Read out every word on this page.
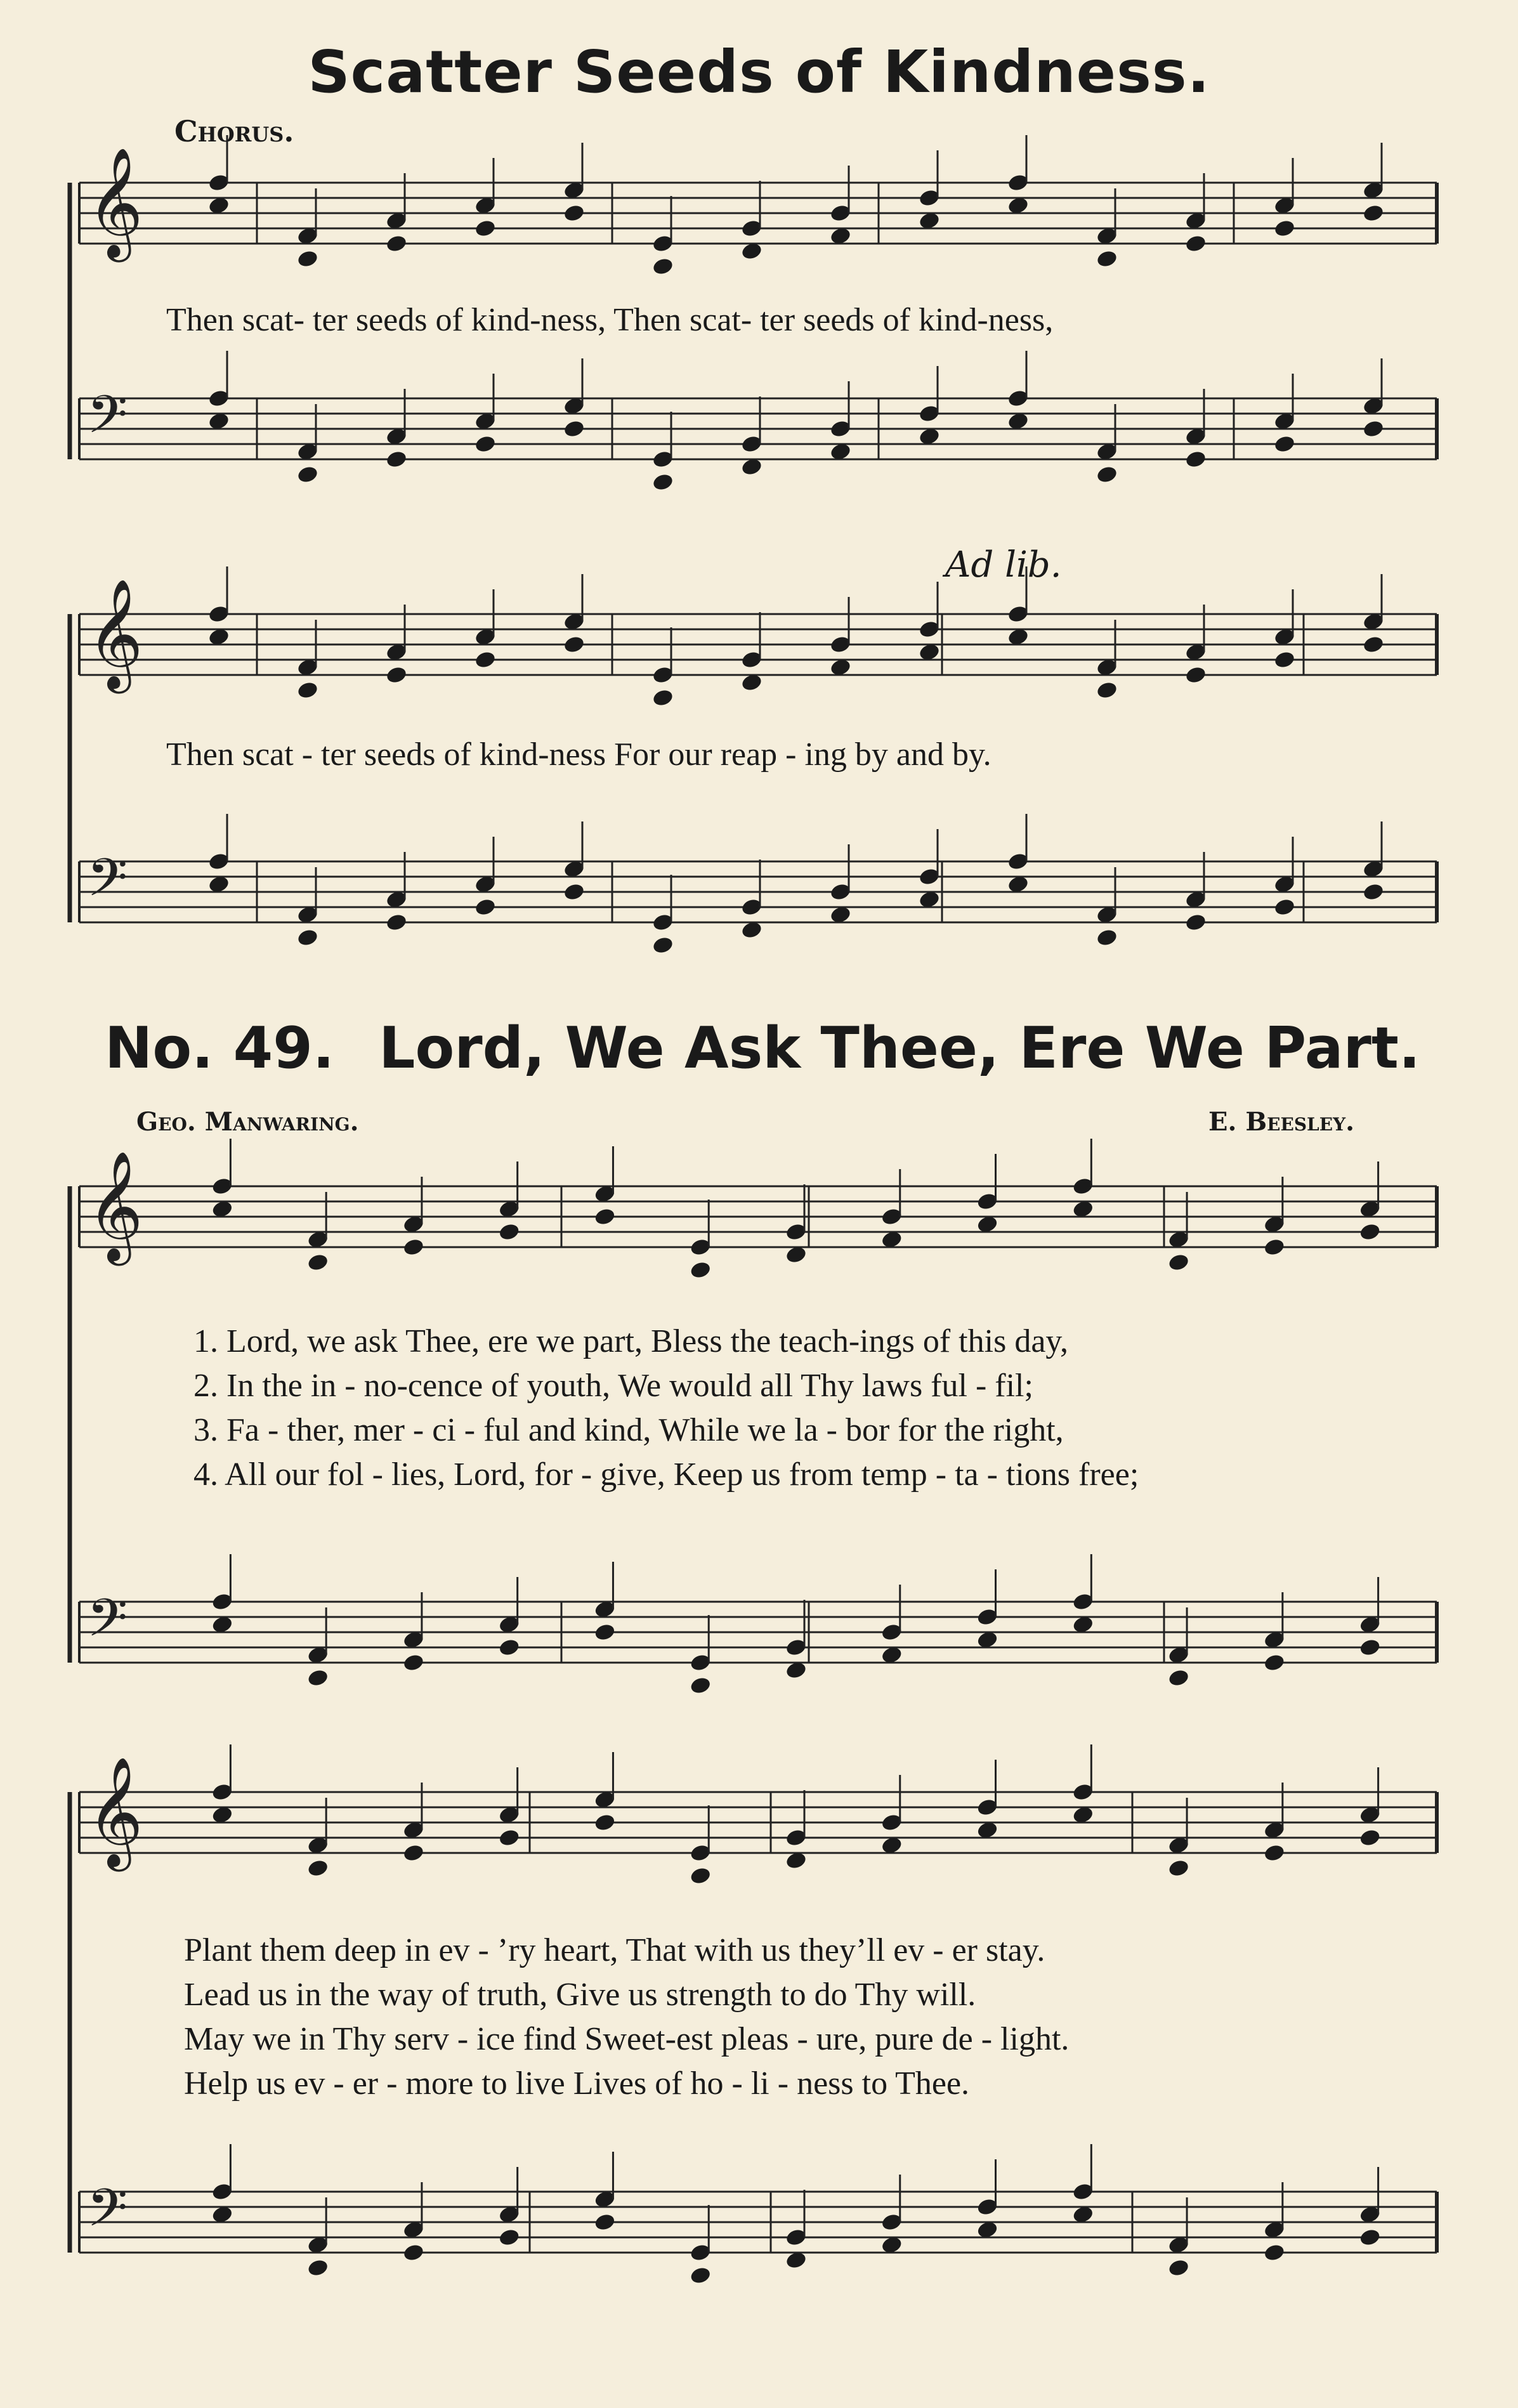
Scatter Seeds of Kindness.
Chorus.
Ad lib.
Then scat- ter seeds of kind-ness, Then scat- ter seeds of kind-ness,
Then scat - ter seeds of kind-ness For our reap - ing by and by.
No. 49. Lord, We Ask Thee, Ere We Part.
Geo. Manwaring.	E. Beesley.
1. Lord, we ask Thee, ere we part, Bless the teach-ings of this day,
2. In the in - no-cence of youth, We would all Thy laws ful - fil;
3. Fa - ther, mer - ci - ful and kind, While we la - bor for the right,
4. All our fol - lies, Lord, for - give, Keep us from temp - ta - tions free;
Plant them deep in ev - ’ry heart, That with us they’ll ev - er stay.
Lead us in the way of truth, Give us strength to do Thy will.
May we in Thy serv - ice find Sweet-est pleas - ure, pure de - light.
Help us ev - er - more to live Lives of ho - li - ness to Thee.
𝄞
𝄢
𝄞
𝄢
𝄞
𝄢
𝄞
𝄢
